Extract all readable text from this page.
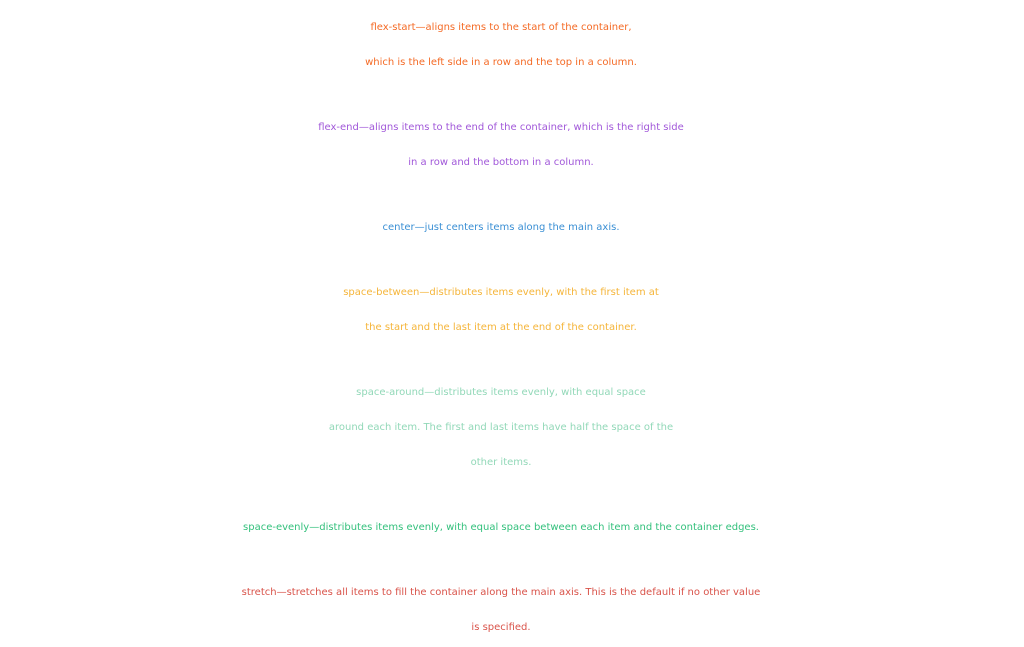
flex-start—aligns items to the start of the container,
which is the left side in a row and the top in a column.
flex-end—aligns items to the end of the container, which is the right side
in a row and the bottom in a column.
center—just centers items along the main axis.
space-between—distributes items evenly, with the first item at
the start and the last item at the end of the container.
space-around—distributes items evenly, with equal space
around each item. The first and last items have half the space of the
other items.
space-evenly—distributes items evenly, with equal space between each item and the container edges.
stretch—stretches all items to fill the container along the main axis. This is the default if no other value
is specified.
